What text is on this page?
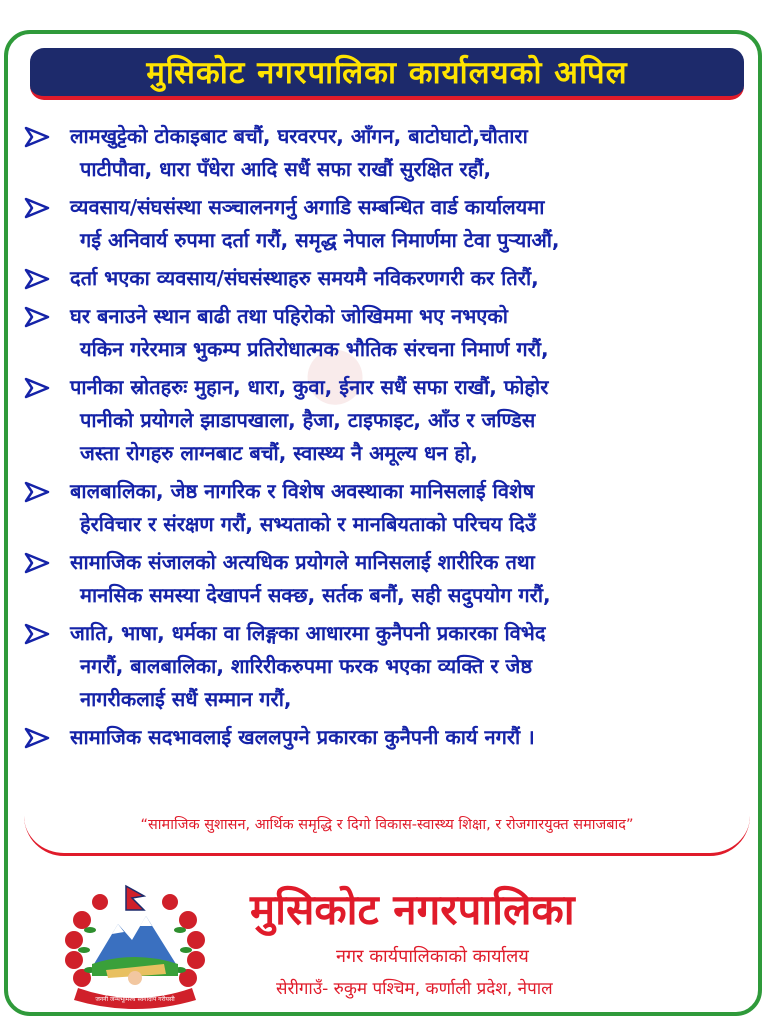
●
मुसिकोट नगरपालिका कार्यालयको अपिल
लामखुट्टेको टोकाइबाट बचौं, घरवरपर, आँगन, बाटोघाटो,चौतारा
पाटीपौवा, धारा पँधेरा आदि सधैं सफा राखौं सुरक्षित रहौं,
व्यवसाय/संघसंस्था सञ्चालनगर्नु अगाडि सम्बन्धित वार्ड कार्यालयमा
गई अनिवार्य रुपमा दर्ता गरौं, समृद्ध नेपाल निमार्णमा टेवा पुर्‍याऔं,
दर्ता भएका व्यवसाय/संघसंस्थाहरु समयमै नविकरणगरी कर तिरौं,
घर बनाउने स्थान बाढी तथा पहिरोको जोखिममा भए नभएको
यकिन गरेरमात्र भुकम्प प्रतिरोधात्मक भौतिक संरचना निमार्ण गरौं,
पानीका स्रोतहरुः मुहान, धारा, कुवा, ईनार सधैं सफा राखौं, फोहोर
पानीको प्रयोगले झाडापखाला, हैजा, टाइफाइट, आँउ र जण्डिस
जस्ता रोगहरु लाग्नबाट बचौं, स्वास्थ्य नै अमूल्य धन हो,
बालबालिका, जेष्ठ नागरिक र विशेष अवस्थाका मानिसलाई विशेष
हेरविचार र संरक्षण गरौं, सभ्यताको र मानबियताको परिचय दिउँ
सामाजिक संजालको अत्यधिक प्रयोगले मानिसलाई शारीरिक तथा
मानसिक समस्या देखापर्न सक्छ, सर्तक बनौं, सही सदुपयोग गरौं,
जाति, भाषा, धर्मका वा लिङ्गका आधारमा कुनैपनी प्रकारका विभेद
नगरौं, बालबालिका, शारिरीकरुपमा फरक भएका व्यक्ति र जेष्ठ
नागरीकलाई सधैं सम्मान गरौं,
सामाजिक सदभावलाई खललपुग्ने प्रकारका कुनैपनी कार्य नगरौं ।
“सामाजिक सुशासन, आर्थिक समृद्धि र दिगो विकास-स्वास्थ्य शिक्षा, र रोजगारयुक्त समाजबाद”
जननी जन्मभूमिश्च स्वर्गादपि गरीयसी
मुसिकोट नगरपालिका
नगर कार्यपालिकाको कार्यालय
सेरीगाउँ- रुकुम पश्चिम, कर्णाली प्रदेश, नेपाल
